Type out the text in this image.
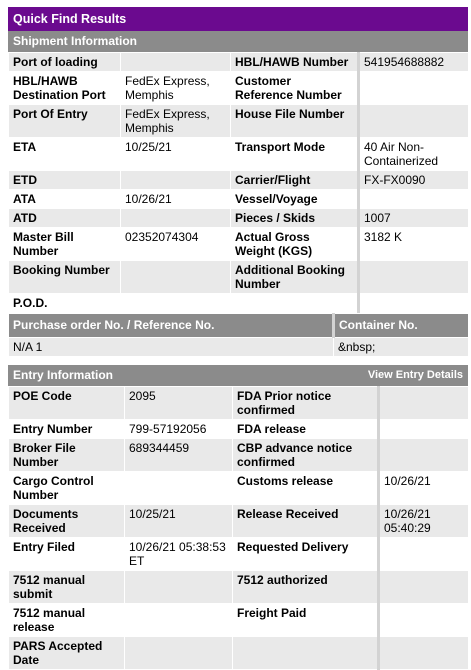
Quick Find Results
Shipment Information
Port of loading		HBL/HAWB Number	541954688882
HBL/HAWB Destination Port	FedEx Express, Memphis	Customer Reference Number	
Port Of Entry	FedEx Express, Memphis	House File Number	
ETA	10/25/21	Transport Mode	40 Air Non-Containerized
ETD		Carrier/Flight	FX-FX0090
ATA	10/26/21	Vessel/Voyage	
ATD		Pieces / Skids	1007
Master Bill Number	02352074304	Actual Gross Weight (KGS)	3182 K
Booking Number		Additional Booking Number	
P.O.D.			
Purchase order No. / Reference No.	Container No.
N/A 1	&nbsp;
Entry Information	View Entry Details
POE Code	2095	FDA Prior notice confirmed	
Entry Number	799-57192056	FDA release	
Broker File Number	689344459	CBP advance notice confirmed	
Cargo Control Number		Customs release	10/26/21
Documents Received	10/25/21	Release Received	10/26/21 05:40:29
Entry Filed	10/26/21 05:38:53 ET	Requested Delivery	
7512 manual submit		7512 authorized	
7512 manual release		Freight Paid	
PARS Accepted Date			
